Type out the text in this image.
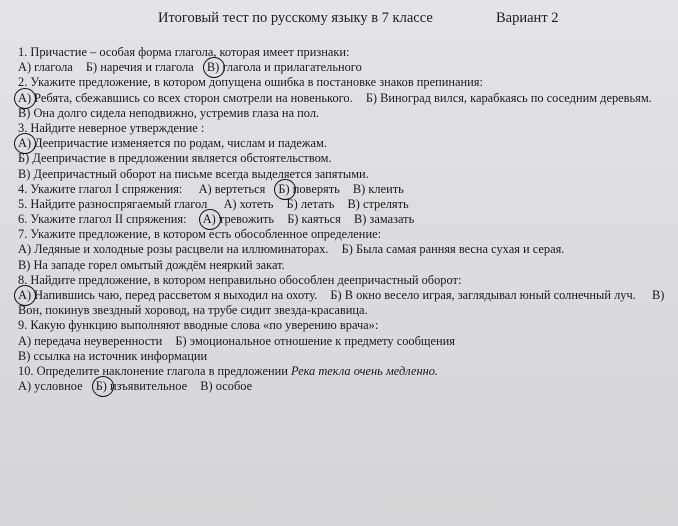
Итоговый тест по русскому языку в 7 классе	Вариант 2
1. Причастие – особая форма глагола, которая имеет признаки:
А) глагола Б) наречия и глагола В) глагола и прилагательного
2. Укажите предложение, в котором допущена ошибка в постановке знаков препинания:
А) Ребята, сбежавшись со всех сторон смотрели на новенького. Б) Виноград вился, карабкаясь по соседним деревьям.  В) Она долго сидела неподвижно, устремив глаза на пол.
3. Найдите неверное утверждение :
А) Деепричастие изменяется по родам, числам и падежам.
Б) Деепричастие в предложении является обстоятельством.
В) Деепричастный оборот на письме всегда выделяется запятыми.
4. Укажите глагол I спряжения: А) вертеться Б) поверять В) клеить
5. Найдите разноспрягаемый глагол А) хотеть Б) летать В) стрелять
6. Укажите глагол II спряжения: А) тревожить Б) каяться В) замазать
7. Укажите предложение, в котором есть обособленное определение:
А) Ледяные и холодные розы расцвели на иллюминаторах. Б) Была самая ранняя весна сухая и серая.
В) На западе горел омытый дождём неяркий закат.
8. Найдите предложение, в котором неправильно обособлен деепричастный оборот:
А) Напившись чаю, перед рассветом я выходил на охоту. Б) В окно весело играя, заглядывал юный солнечный луч. В) Вон, покинув звездный хоровод, на трубе сидит звезда-красавица.
9. Какую функцию выполняют вводные слова «по уверению врача»:
А) передача неуверенности Б) эмоциональное отношение к предмету сообщения
В) ссылка на источник информации
10. Определите наклонение глагола в предложении Река текла очень медленно.
А) условное Б) изъявительное В) особое
